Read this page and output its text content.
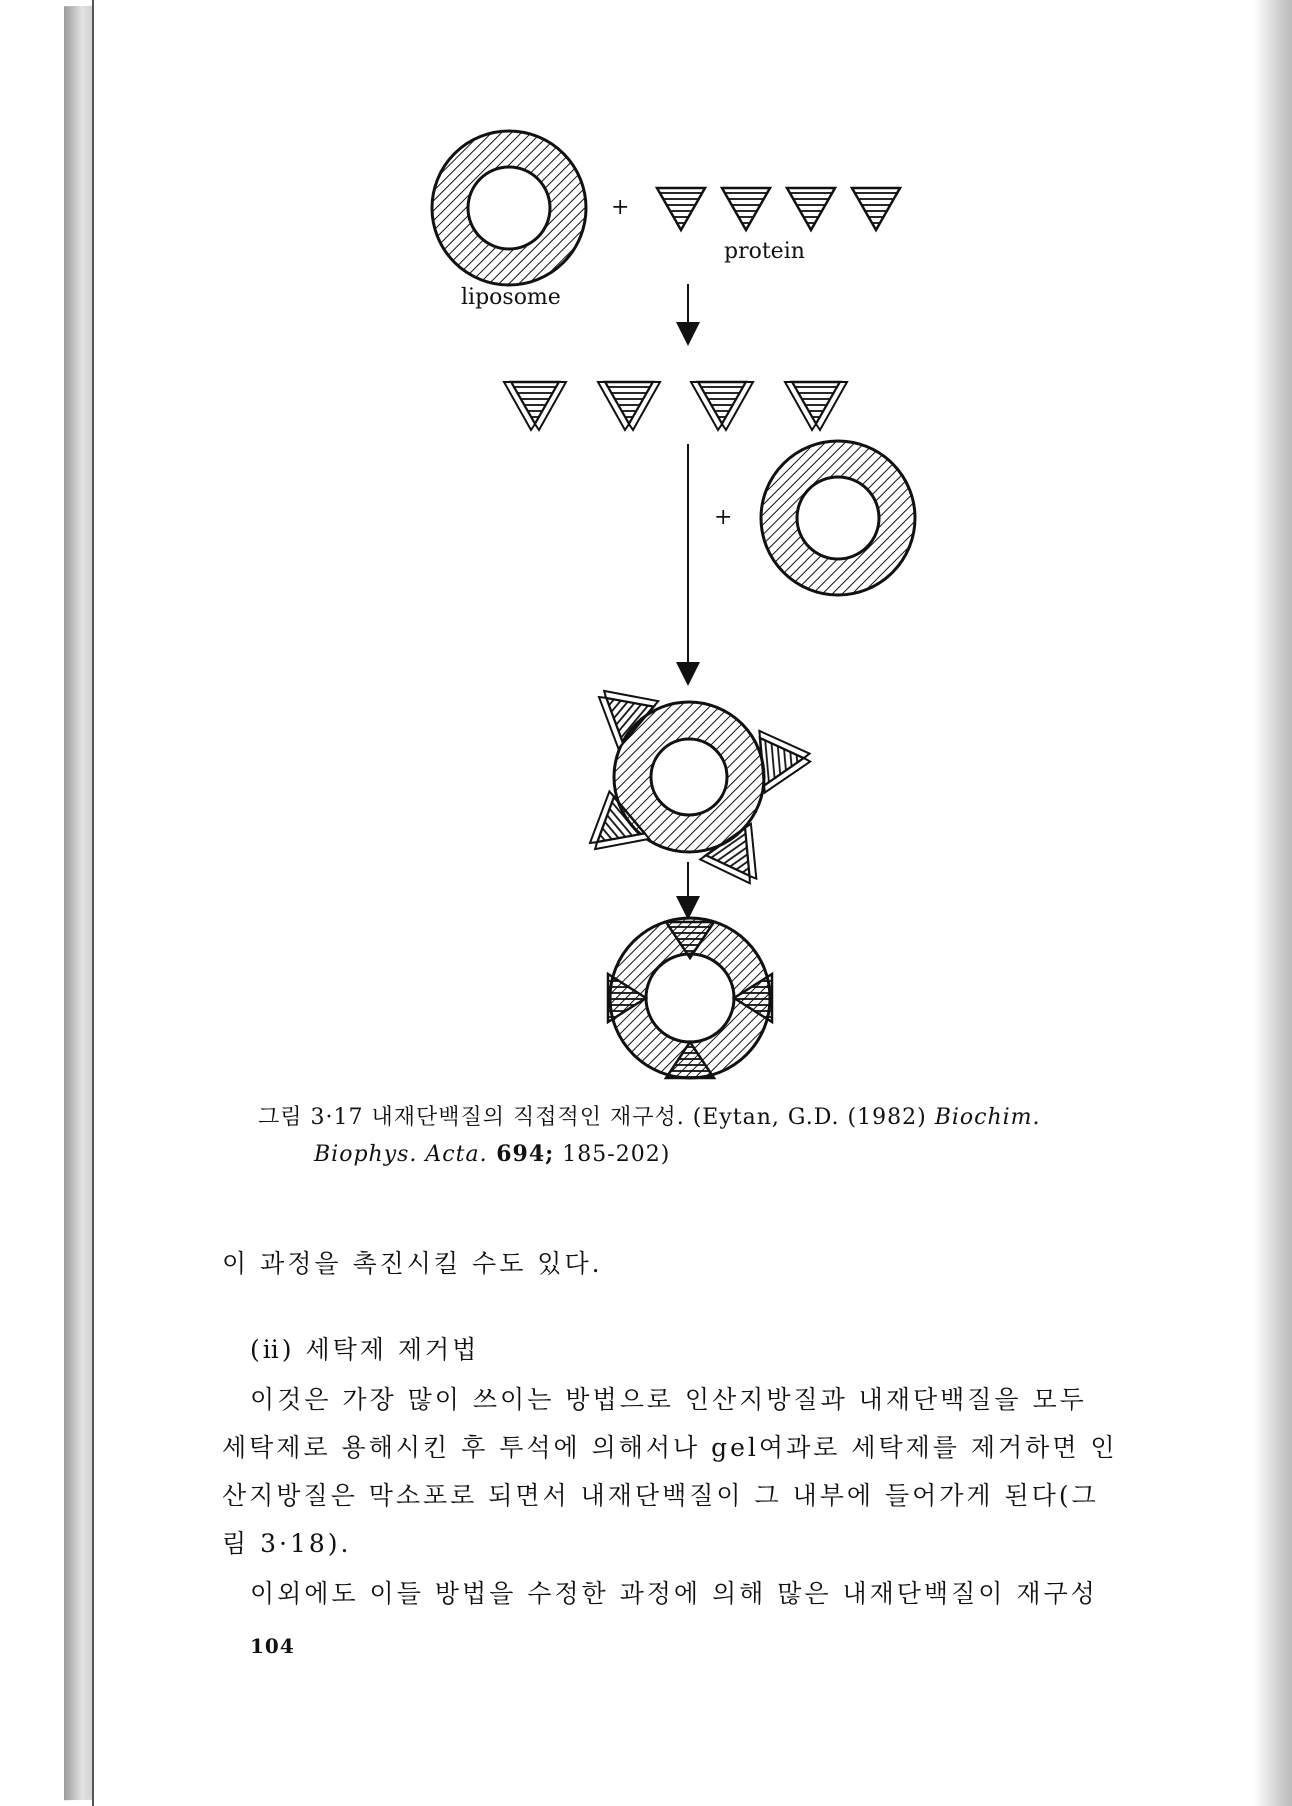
liposome
+
protein
+
그림 3·17 내재단백질의 직접적인 재구성. (Eytan, G.D. (1982) Biochim.
Biophys. Acta. 694; 185-202)
이 과정을 촉진시킬 수도 있다.
(ⅱ) 세탁제 제거법
이것은 가장 많이 쓰이는 방법으로 인산지방질과 내재단백질을 모두
세탁제로 용해시킨 후 투석에 의해서나 gel여과로 세탁제를 제거하면 인
산지방질은 막소포로 되면서 내재단백질이 그 내부에 들어가게 된다(그
림 3·18).
이외에도 이들 방법을 수정한 과정에 의해 많은 내재단백질이 재구성
104
